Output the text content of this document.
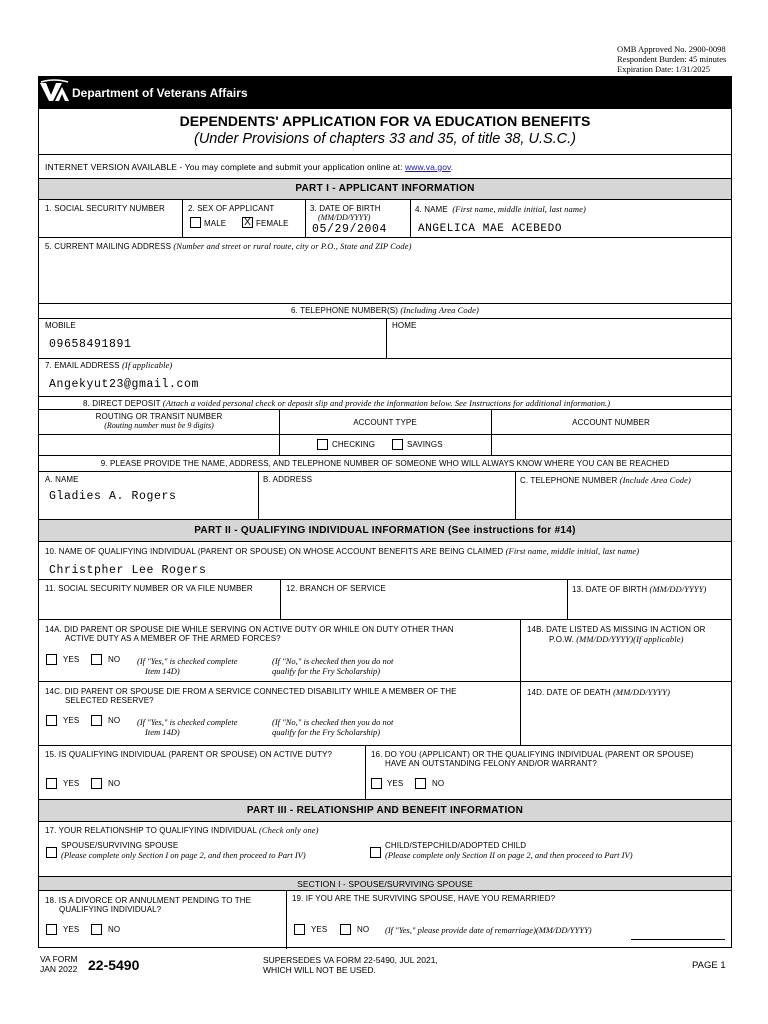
OMB Approved No. 2900-0098
Respondent Burden: 45 minutes
Expiration Date: 1/31/2025
Department of Veterans Affairs
DEPENDENTS' APPLICATION FOR VA EDUCATION BENEFITS
(Under Provisions of chapters 33 and 35, of title 38, U.S.C.)
INTERNET VERSION AVAILABLE - You may complete and submit your application online at: www.va.gov.
PART I - APPLICANT INFORMATION
1. SOCIAL SECURITY NUMBER	2. SEX OF APPLICANT
MALE X FEMALE
3. DATE OF BIRTH
(MM/DD/YYYY)
05/29/2004
4. NAME (First name, middle initial, last name)
ANGELICA MAE ACEBEDO
5. CURRENT MAILING ADDRESS (Number and street or rural route, city or P.O., State and ZIP Code)
6. TELEPHONE NUMBER(S) (Including Area Code)
MOBILE
09658491891
HOME
7. EMAIL ADDRESS (If applicable)
Angekyut23@gmail.com
8. DIRECT DEPOSIT (Attach a voided personal check or deposit slip and provide the information below. See Instructions for additional information.)
ROUTING OR TRANSIT NUMBER
(Routing number must be 9 digits)	ACCOUNT TYPE	ACCOUNT NUMBER
CHECKING	SAVINGS
9. PLEASE PROVIDE THE NAME, ADDRESS, AND TELEPHONE NUMBER OF SOMEONE WHO WILL ALWAYS KNOW WHERE YOU CAN BE REACHED
A. NAME
Gladies A. Rogers
B. ADDRESS	C. TELEPHONE NUMBER (Include Area Code)
PART II - QUALIFYING INDIVIDUAL INFORMATION (See instructions for #14)
10. NAME OF QUALIFYING INDIVIDUAL (PARENT OR SPOUSE) ON WHOSE ACCOUNT BENEFITS ARE BEING CLAIMED (First name, middle initial, last name)
Christpher Lee Rogers
11. SOCIAL SECURITY NUMBER OR VA FILE NUMBER	12. BRANCH OF SERVICE	13. DATE OF BIRTH (MM/DD/YYYY)
14A. DID PARENT OR SPOUSE DIE WHILE SERVING ON ACTIVE DUTY OR WHILE ON DUTY OTHER THAN
ACTIVE DUTY AS A MEMBER OF THE ARMED FORCES?
YES	NO (If "Yes," is checked complete
Item 14D)
(If "No," is checked then you do not
qualify for the Fry Scholarship)
14B. DATE LISTED AS MISSING IN ACTION OR
P.O.W. (MM/DD/YYYY)(If applicable)
14C. DID PARENT OR SPOUSE DIE FROM A SERVICE CONNECTED DISABILITY WHILE A MEMBER OF THE
SELECTED RESERVE?
YES	NO (If "Yes," is checked complete
Item 14D)
(If "No," is checked then you do not
qualify for the Fry Scholarship)
14D. DATE OF DEATH (MM/DD/YYYY)
15. IS QUALIFYING INDIVIDUAL (PARENT OR SPOUSE) ON ACTIVE DUTY?
YES	NO
16. DO YOU (APPLICANT) OR THE QUALIFYING INDIVIDUAL (PARENT OR SPOUSE)
HAVE AN OUTSTANDING FELONY AND/OR WARRANT?
YES	NO
PART III - RELATIONSHIP AND BENEFIT INFORMATION
17. YOUR RELATIONSHIP TO QUALIFYING INDIVIDUAL (Check only one)
SPOUSE/SURVIVING SPOUSE
(Please complete only Section I on page 2, and then proceed to Part IV)
CHILD/STEPCHILD/ADOPTED CHILD
(Please complete only Section II on page 2, and then proceed to Part IV)
SECTION I - SPOUSE/SURVIVING SPOUSE
18. IS A DIVORCE OR ANNULMENT PENDING TO THE
QUALIFYING INDIVIDUAL?
YES	NO
19. IF YOU ARE THE SURVIVING SPOUSE, HAVE YOU REMARRIED?
YES	NO (If "Yes," please provide date of remarriage)(MM/DD/YYYY)
VA FORM
JAN 2022 22-5490	SUPERSEDES VA FORM 22-5490, JUL 2021,
WHICH WILL NOT BE USED.	PAGE 1
